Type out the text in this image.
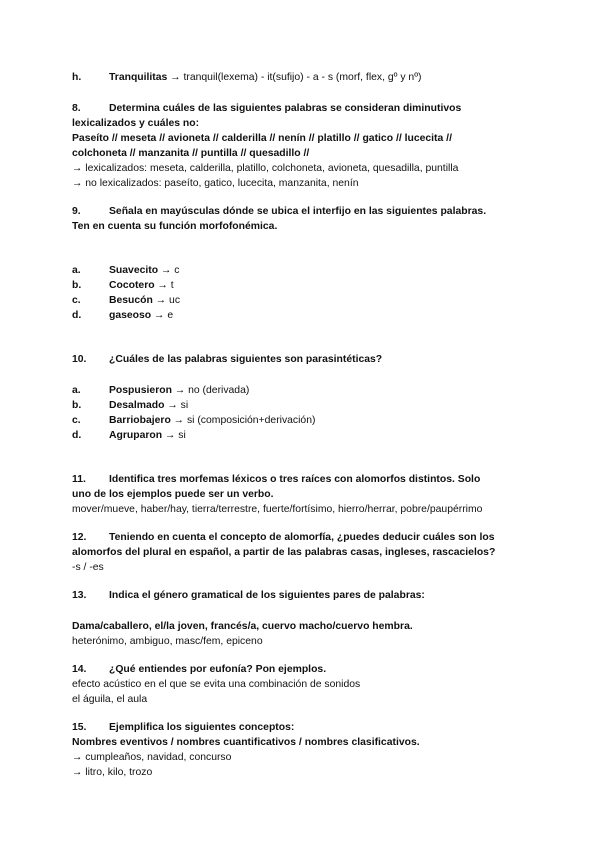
h.	Tranquilitas → tranquil(lexema) - it(sufijo) - a - s (morf, flex, gº y nº)
8.	Determina cuáles de las siguientes palabras se consideran diminutivos
lexicalizados y cuáles no:
Paseíto // meseta // avioneta // calderilla // nenín // platillo // gatico // lucecita //
colchoneta // manzanita // puntilla // quesadillo //
→ lexicalizados: meseta, calderilla, platillo, colchoneta, avioneta, quesadilla, puntilla
→ no lexicalizados: paseíto, gatico, lucecita, manzanita, nenín
9.	Señala en mayúsculas dónde se ubica el interfijo en las siguientes palabras.
Ten en cuenta su función morfofonémica.
a.	Suavecito → c
b.	Cocotero → t
c.	Besucón → uc
d.	gaseoso → e
10. ¿Cuáles de las palabras siguientes son parasintéticas?
a.	Pospusieron → no (derivada)
b.	Desalmado → si
c.	Barriobajero → si (composición+derivación)
d.	Agruparon → si
11. Identifica tres morfemas léxicos o tres raíces con alomorfos distintos. Solo
uno de los ejemplos puede ser un verbo.
mover/mueve, haber/hay, tierra/terrestre, fuerte/fortísimo, hierro/herrar, pobre/paupérrimo
12. Teniendo en cuenta el concepto de alomorfía, ¿puedes deducir cuáles son los
alomorfos del plural en español, a partir de las palabras casas, ingleses, rascacielos?
-s / -es
13. Indica el género gramatical de los siguientes pares de palabras:
Dama/caballero, el/la joven, francés/a, cuervo macho/cuervo hembra.
heterónimo, ambiguo, masc/fem, epiceno
14. ¿Qué entiendes por eufonía? Pon ejemplos.
efecto acústico en el que se evita una combinación de sonidos
el águila, el aula
15. Ejemplifica los siguientes conceptos:
Nombres eventivos / nombres cuantificativos / nombres clasificativos.
→ cumpleaños, navidad, concurso
→ litro, kilo, trozo
